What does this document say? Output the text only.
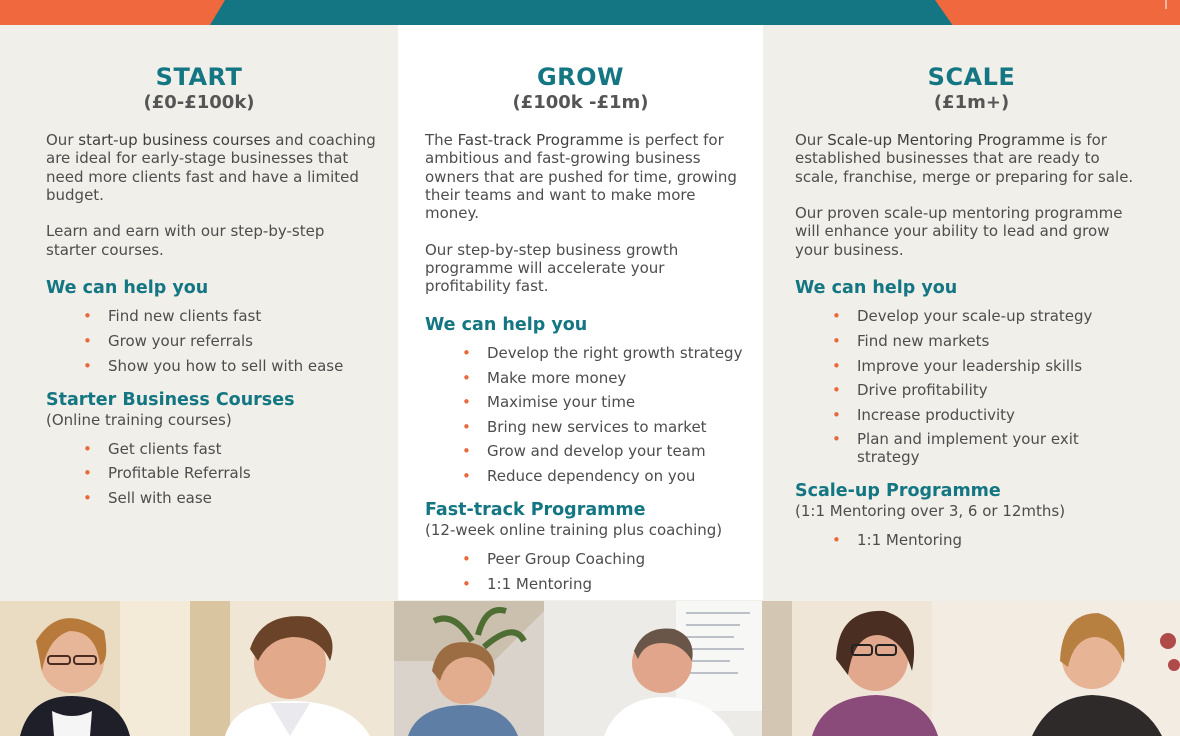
START
(£0-£100k)

Our start-up business courses and coaching are ideal for early-stage businesses that need more clients fast and have a limited budget.

Learn and earn with our step-by-step starter courses.

We can help you
• Find new clients fast
• Grow your referrals
• Show you how to sell with ease
Starter Business Courses
(Online training courses)
• Get clients fast
• Profitable Referrals
• Sell with ease
GROW
(£100k -£1m)

The Fast-track Programme is perfect for ambitious and fast-growing business owners that are pushed for time, growing their teams and want to make more money.

Our step-by-step business growth programme will accelerate your profitability fast.

We can help you
• Develop the right growth strategy
• Make more money
• Maximise your time
• Bring new services to market
• Grow and develop your team
• Reduce dependency on you
Fast-track Programme
(12-week online training plus coaching)
• Peer Group Coaching
• 1:1 Mentoring
SCALE
(£1m+)

Our Scale-up Mentoring Programme is for established businesses that are ready to scale, franchise, merge or preparing for sale.

Our proven scale-up mentoring programme will enhance your ability to lead and grow your business.

We can help you
• Develop your scale-up strategy
• Find new markets
• Improve your leadership skills
• Drive profitability
• Increase productivity
• Plan and implement your exit strategy
Scale-up Programme
(1:1 Mentoring over 3, 6 or 12mths)
• 1:1 Mentoring
